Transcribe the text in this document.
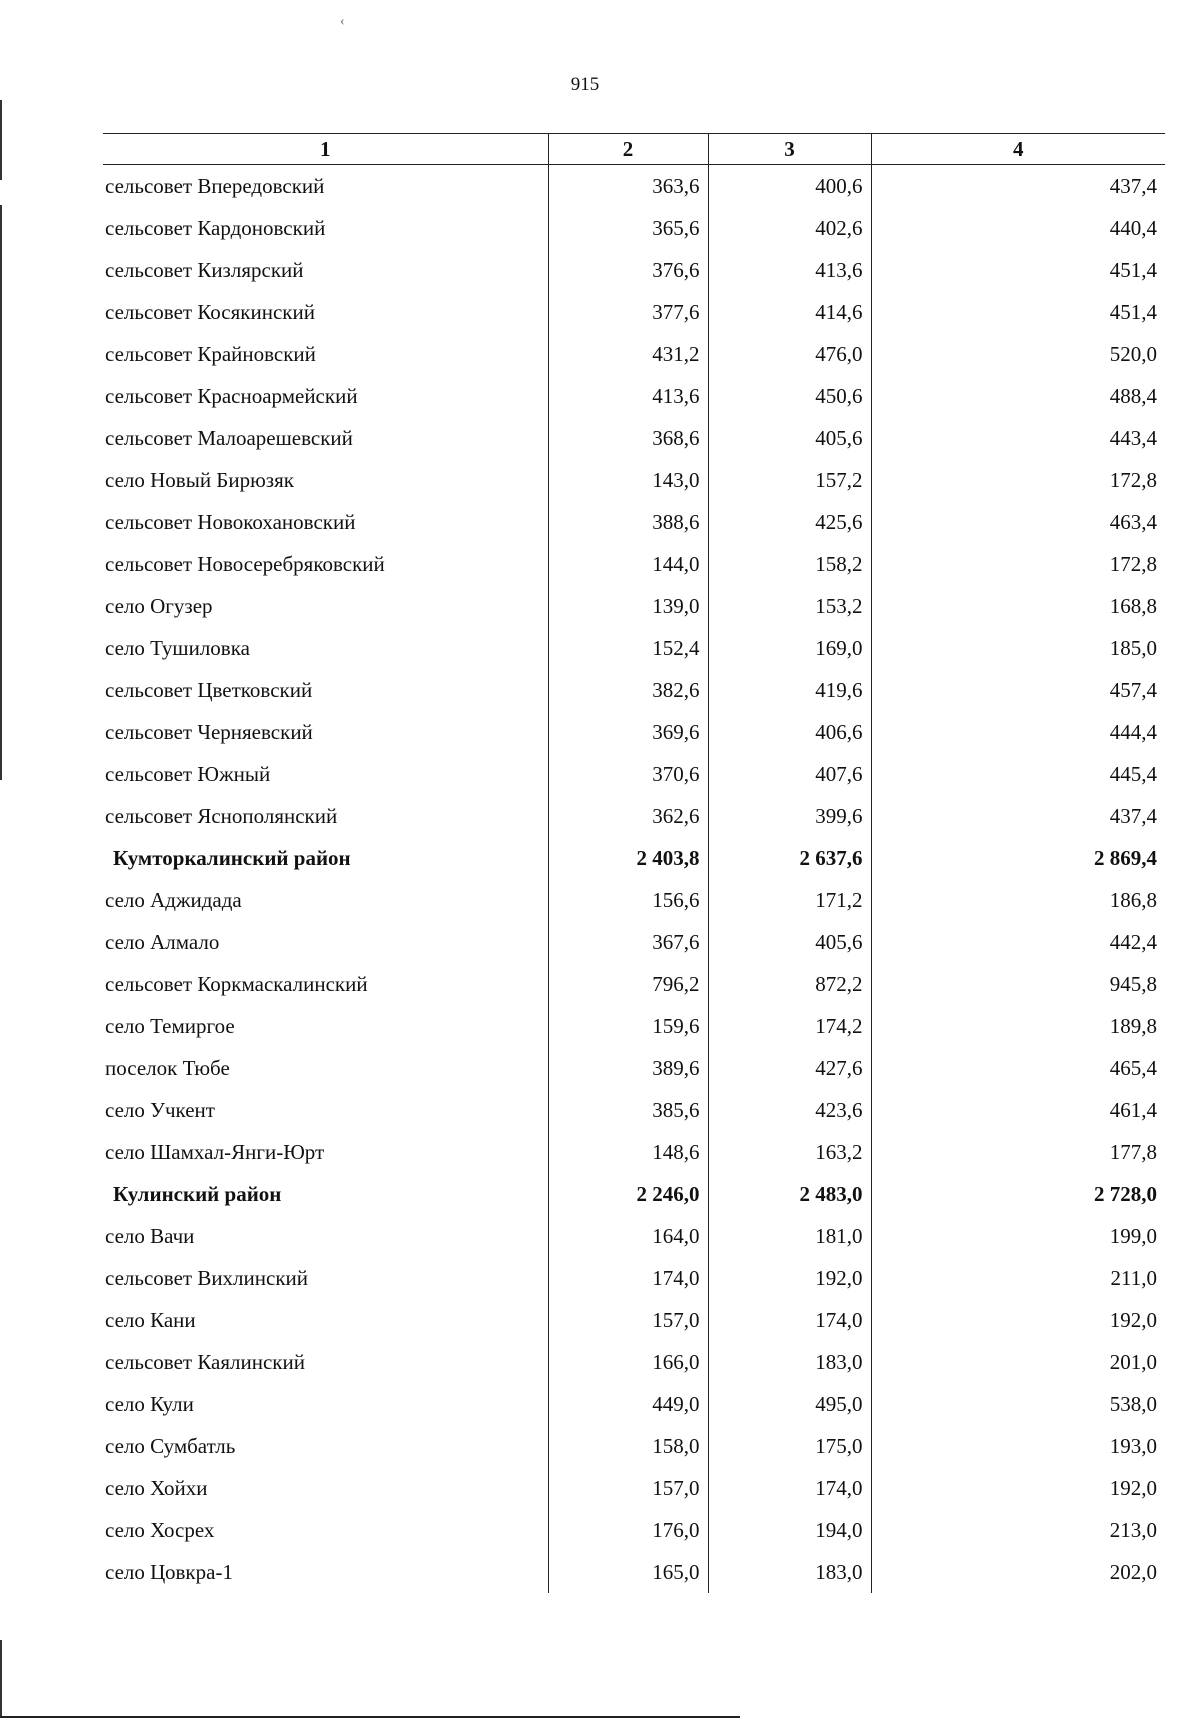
‹
915
1	2	3	4
сельсовет Впередовский	363,6	400,6	437,4
сельсовет Кардоновский	365,6	402,6	440,4
сельсовет Кизлярский	376,6	413,6	451,4
сельсовет Косякинский	377,6	414,6	451,4
сельсовет Крайновский	431,2	476,0	520,0
сельсовет Красноармейский	413,6	450,6	488,4
сельсовет Малоарешевский	368,6	405,6	443,4
село Новый Бирюзяк	143,0	157,2	172,8
сельсовет Новокохановский	388,6	425,6	463,4
сельсовет Новосеребряковский	144,0	158,2	172,8
село Огузер	139,0	153,2	168,8
село Тушиловка	152,4	169,0	185,0
сельсовет Цветковский	382,6	419,6	457,4
сельсовет Черняевский	369,6	406,6	444,4
сельсовет Южный	370,6	407,6	445,4
сельсовет Яснополянский	362,6	399,6	437,4
Кумторкалинский район	2 403,8	2 637,6	2 869,4
село Аджидада	156,6	171,2	186,8
село Алмало	367,6	405,6	442,4
сельсовет Коркмаскалинский	796,2	872,2	945,8
село Темиргое	159,6	174,2	189,8
поселок Тюбе	389,6	427,6	465,4
село Учкент	385,6	423,6	461,4
село Шамхал-Янги-Юрт	148,6	163,2	177,8
Кулинский район	2 246,0	2 483,0	2 728,0
село Вачи	164,0	181,0	199,0
сельсовет Вихлинский	174,0	192,0	211,0
село Кани	157,0	174,0	192,0
сельсовет Каялинский	166,0	183,0	201,0
село Кули	449,0	495,0	538,0
село Сумбатль	158,0	175,0	193,0
село Хойхи	157,0	174,0	192,0
село Хосрех	176,0	194,0	213,0
село Цовкра-1	165,0	183,0	202,0
